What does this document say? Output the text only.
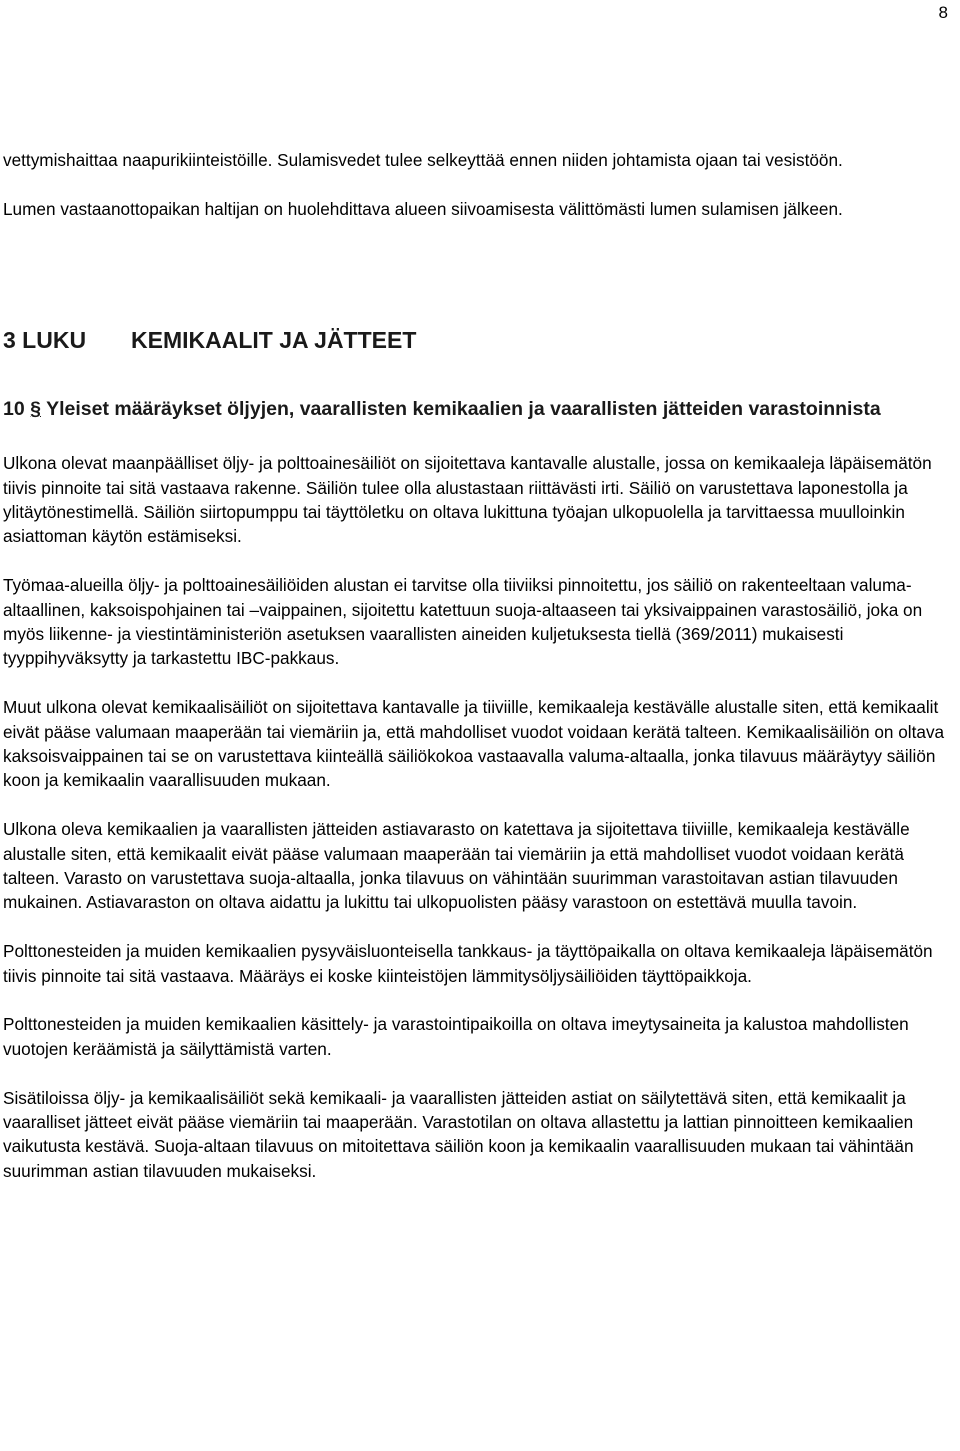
8

vettymishaittaa naapurikiinteistöille. Sulamisvedet tulee selkeyttää ennen niiden johtamista ojaan tai vesistöön.

Lumen vastaanottopaikan haltijan on huolehdittava alueen siivoamisesta välittömästi lumen sulamisen jälkeen.

3 LUKU	KEMIKAALIT JA JÄTTEET
10 § Yleiset määräykset öljyjen, vaarallisten kemikaalien ja vaarallisten jätteiden varastoinnista

Ulkona olevat maanpäälliset öljy- ja polttoainesäiliöt on sijoitettava kantavalle alustalle, jossa on kemikaaleja läpäisemätön tiivis pinnoite tai sitä vastaava rakenne. Säiliön tulee olla alustastaan riittävästi irti. Säiliö on varustettava laponestolla ja ylitäytönestimellä. Säiliön siirtopumppu tai täyttöletku on oltava lukittuna työajan ulkopuolella ja tarvittaessa muulloinkin asiattoman käytön estämiseksi.

Työmaa-alueilla öljy- ja polttoainesäiliöiden alustan ei tarvitse olla tiiviiksi pinnoitettu, jos säiliö on rakenteeltaan valuma-altaallinen, kaksoispohjainen tai –vaippainen, sijoitettu katettuun suoja-altaaseen tai yksivaippainen varastosäiliö, joka on myös liikenne- ja viestintäministeriön asetuksen vaarallisten aineiden kuljetuksesta tiellä (369/2011) mukaisesti tyyppihyväksytty ja tarkastettu IBC-pakkaus.

Muut ulkona olevat kemikaalisäiliöt on sijoitettava kantavalle ja tiiviille, kemikaaleja kestävälle alustalle siten, että kemikaalit eivät pääse valumaan maaperään tai viemäriin ja, että mahdolliset vuodot voidaan kerätä talteen. Kemikaalisäiliön on oltava kaksoisvaippainen tai se on varustettava kiinteällä säiliökokoa vastaavalla valuma-altaalla, jonka tilavuus määräytyy säiliön koon ja kemikaalin vaarallisuuden mukaan.

Ulkona oleva kemikaalien ja vaarallisten jätteiden astiavarasto on katettava ja sijoitettava tiiviille, kemikaaleja kestävälle alustalle siten, että kemikaalit eivät pääse valumaan maaperään tai viemäriin ja että mahdolliset vuodot voidaan kerätä talteen. Varasto on varustettava suoja-altaalla, jonka tilavuus on vähintään suurimman varastoitavan astian tilavuuden mukainen. Astiavaraston on oltava aidattu ja lukittu tai ulkopuolisten pääsy varastoon on estettävä muulla tavoin.

Polttonesteiden ja muiden kemikaalien pysyväisluonteisella tankkaus- ja täyttöpaikalla on oltava kemikaaleja läpäisemätön tiivis pinnoite tai sitä vastaava. Määräys ei koske kiinteistöjen lämmitysöljysäiliöiden täyttöpaikkoja.

Polttonesteiden ja muiden kemikaalien käsittely- ja varastointipaikoilla on oltava imeytysaineita ja kalustoa mahdollisten vuotojen keräämistä ja säilyttämistä varten.

Sisätiloissa öljy- ja kemikaalisäiliöt sekä kemikaali- ja vaarallisten jätteiden astiat on säilytettävä siten, että kemikaalit ja vaaralliset jätteet eivät pääse viemäriin tai maaperään. Varastotilan on oltava allastettu ja lattian pinnoitteen kemikaalien vaikutusta kestävä. Suoja-altaan tilavuus on mitoitettava säiliön koon ja kemikaalin vaarallisuuden mukaan tai vähintään suurimman astian tilavuuden mukaiseksi.
